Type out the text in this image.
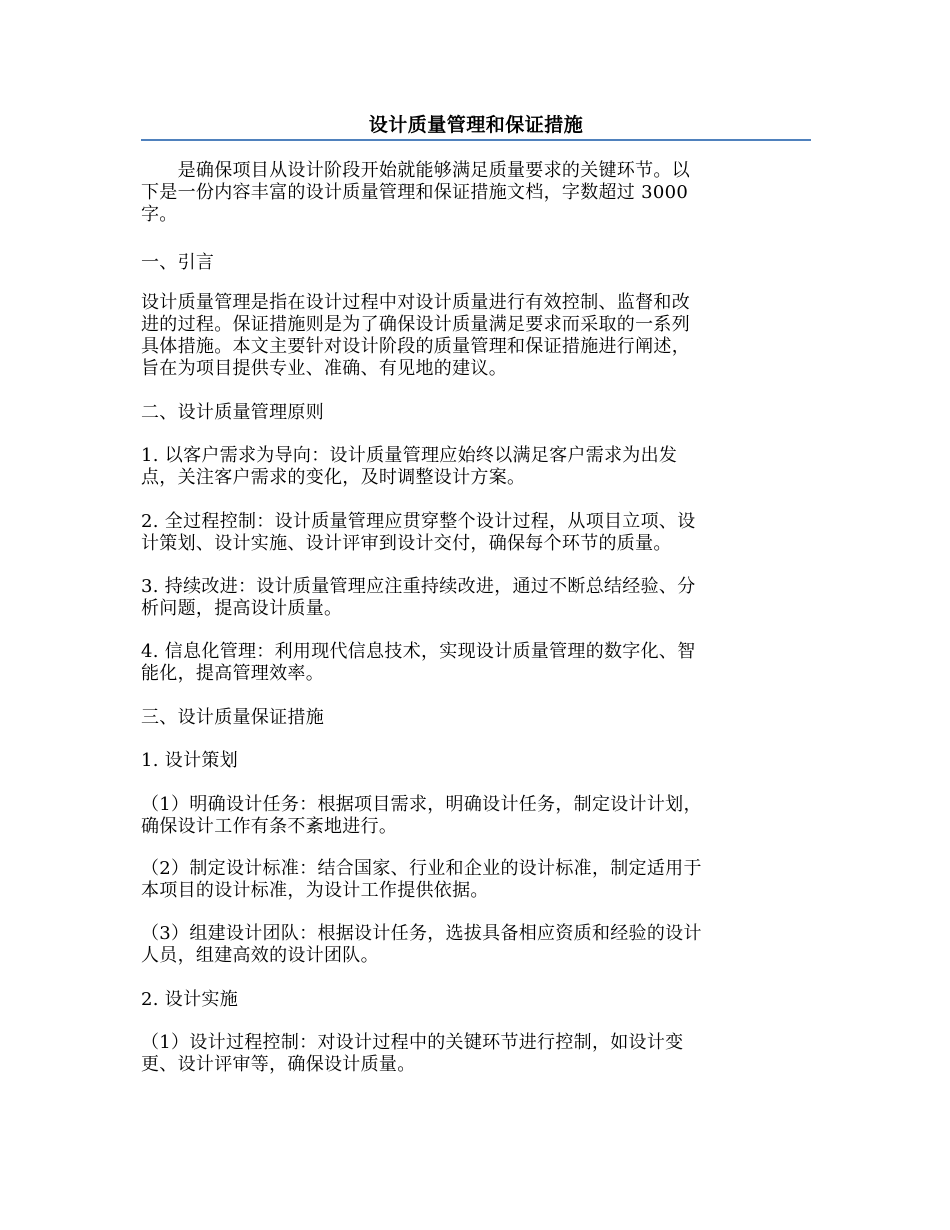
设计质量管理和保证措施

　　是确保项目从设计阶段开始就能够满足质量要求的关键环节。以
下是一份内容丰富的设计质量管理和保证措施文档，字数超过 3000
字。

一、引言

设计质量管理是指在设计过程中对设计质量进行有效控制、监督和改
进的过程。保证措施则是为了确保设计质量满足要求而采取的一系列
具体措施。本文主要针对设计阶段的质量管理和保证措施进行阐述，
旨在为项目提供专业、准确、有见地的建议。

二、设计质量管理原则

1. 以客户需求为导向：设计质量管理应始终以满足客户需求为出发
点，关注客户需求的变化，及时调整设计方案。

2. 全过程控制：设计质量管理应贯穿整个设计过程，从项目立项、设
计策划、设计实施、设计评审到设计交付，确保每个环节的质量。

3. 持续改进：设计质量管理应注重持续改进，通过不断总结经验、分
析问题，提高设计质量。

4. 信息化管理：利用现代信息技术，实现设计质量管理的数字化、智
能化，提高管理效率。

三、设计质量保证措施

1. 设计策划

（1）明确设计任务：根据项目需求，明确设计任务，制定设计计划，
确保设计工作有条不紊地进行。

（2）制定设计标准：结合国家、行业和企业的设计标准，制定适用于
本项目的设计标准，为设计工作提供依据。

（3）组建设计团队：根据设计任务，选拔具备相应资质和经验的设计
人员，组建高效的设计团队。

2. 设计实施

（1）设计过程控制：对设计过程中的关键环节进行控制，如设计变
更、设计评审等，确保设计质量。
